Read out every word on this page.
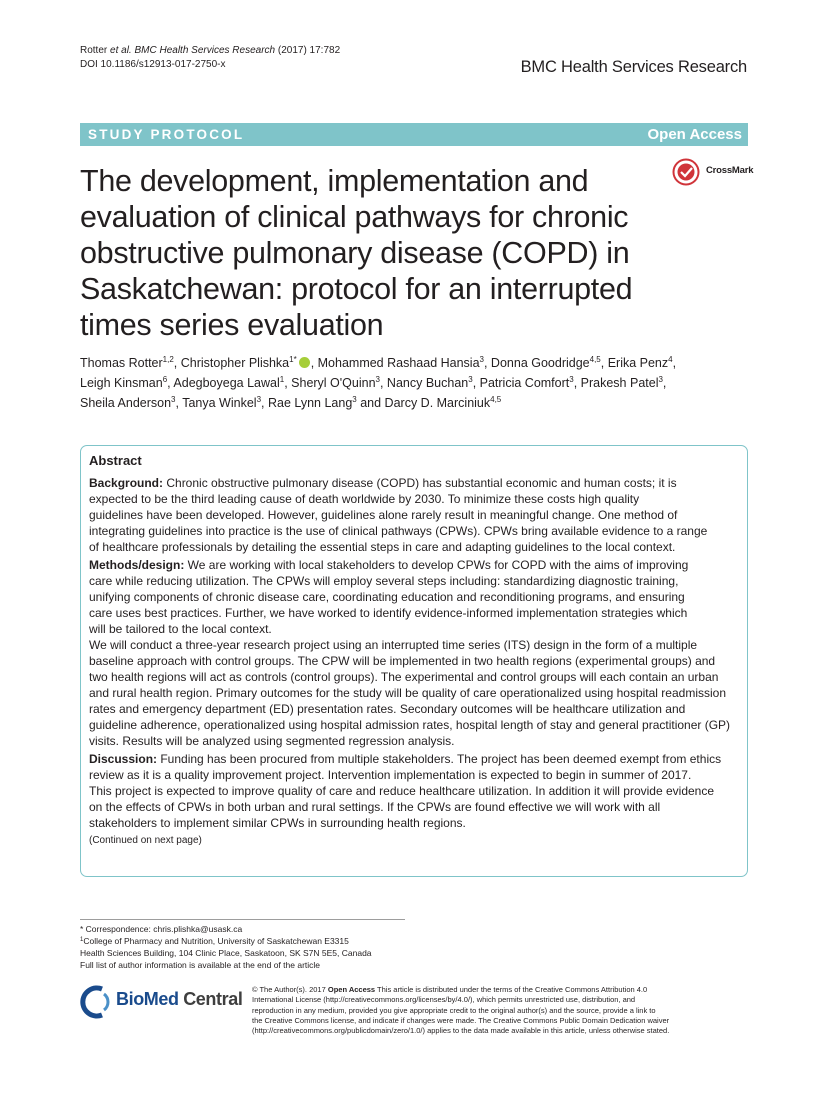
Rotter et al. BMC Health Services Research (2017) 17:782
DOI 10.1186/s12913-017-2750-x	BMC Health Services Research
STUDY PROTOCOL	Open Access
CrossMark
The development, implementation and
evaluation of clinical pathways for chronic
obstructive pulmonary disease (COPD) in
Saskatchewan: protocol for an interrupted
times series evaluation
Thomas Rotter$^{1,2}$, Christopher Plishka$^{1*}$ , Mohammed Rashaad Hansia$^3$, Donna Goodridge$^{4,5}$, Erika Penz$^4$,
Leigh Kinsman$^6$, Adegboyega Lawal$^1$, Sheryl O'Quinn$^3$, Nancy Buchan$^3$, Patricia Comfort$^3$, Prakesh Patel$^3$,
Sheila Anderson$^3$, Tanya Winkel$^3$, Rae Lynn Lang$^3$ and Darcy D. Marciniuk$^{4,5}$
Abstract
Background: Chronic obstructive pulmonary disease (COPD) has substantial economic and human costs; it is
expected to be the third leading cause of death worldwide by 2030. To minimize these costs high quality
guidelines have been developed. However, guidelines alone rarely result in meaningful change. One method of
integrating guidelines into practice is the use of clinical pathways (CPWs). CPWs bring available evidence to a range
of healthcare professionals by detailing the essential steps in care and adapting guidelines to the local context.
Methods/design: We are working with local stakeholders to develop CPWs for COPD with the aims of improving
care while reducing utilization. The CPWs will employ several steps including: standardizing diagnostic training,
unifying components of chronic disease care, coordinating education and reconditioning programs, and ensuring
care uses best practices. Further, we have worked to identify evidence-informed implementation strategies which
will be tailored to the local context.
We will conduct a three-year research project using an interrupted time series (ITS) design in the form of a multiple
baseline approach with control groups. The CPW will be implemented in two health regions (experimental groups) and
two health regions will act as controls (control groups). The experimental and control groups will each contain an urban
and rural health region. Primary outcomes for the study will be quality of care operationalized using hospital readmission
rates and emergency department (ED) presentation rates. Secondary outcomes will be healthcare utilization and
guideline adherence, operationalized using hospital admission rates, hospital length of stay and general practitioner (GP)
visits. Results will be analyzed using segmented regression analysis.
Discussion: Funding has been procured from multiple stakeholders. The project has been deemed exempt from ethics
review as it is a quality improvement project. Intervention implementation is expected to begin in summer of 2017.
This project is expected to improve quality of care and reduce healthcare utilization. In addition it will provide evidence
on the effects of CPWs in both urban and rural settings. If the CPWs are found effective we will work with all
stakeholders to implement similar CPWs in surrounding health regions.
(Continued on next page)
* Correspondence: chris.plishka@usask.ca
$^1$College of Pharmacy and Nutrition, University of Saskatchewan E3315
Health Sciences Building, 104 Clinic Place, Saskatoon, SK S7N 5E5, Canada
Full list of author information is available at the end of the article
BioMed Central © The Author(s). 2017 Open Access This article is distributed under the terms of the Creative Commons Attribution 4.0
International License (http://creativecommons.org/licenses/by/4.0/), which permits unrestricted use, distribution, and
reproduction in any medium, provided you give appropriate credit to the original author(s) and the source, provide a link to
the Creative Commons license, and indicate if changes were made. The Creative Commons Public Domain Dedication waiver
(http://creativecommons.org/publicdomain/zero/1.0/) applies to the data made available in this article, unless otherwise stated.
